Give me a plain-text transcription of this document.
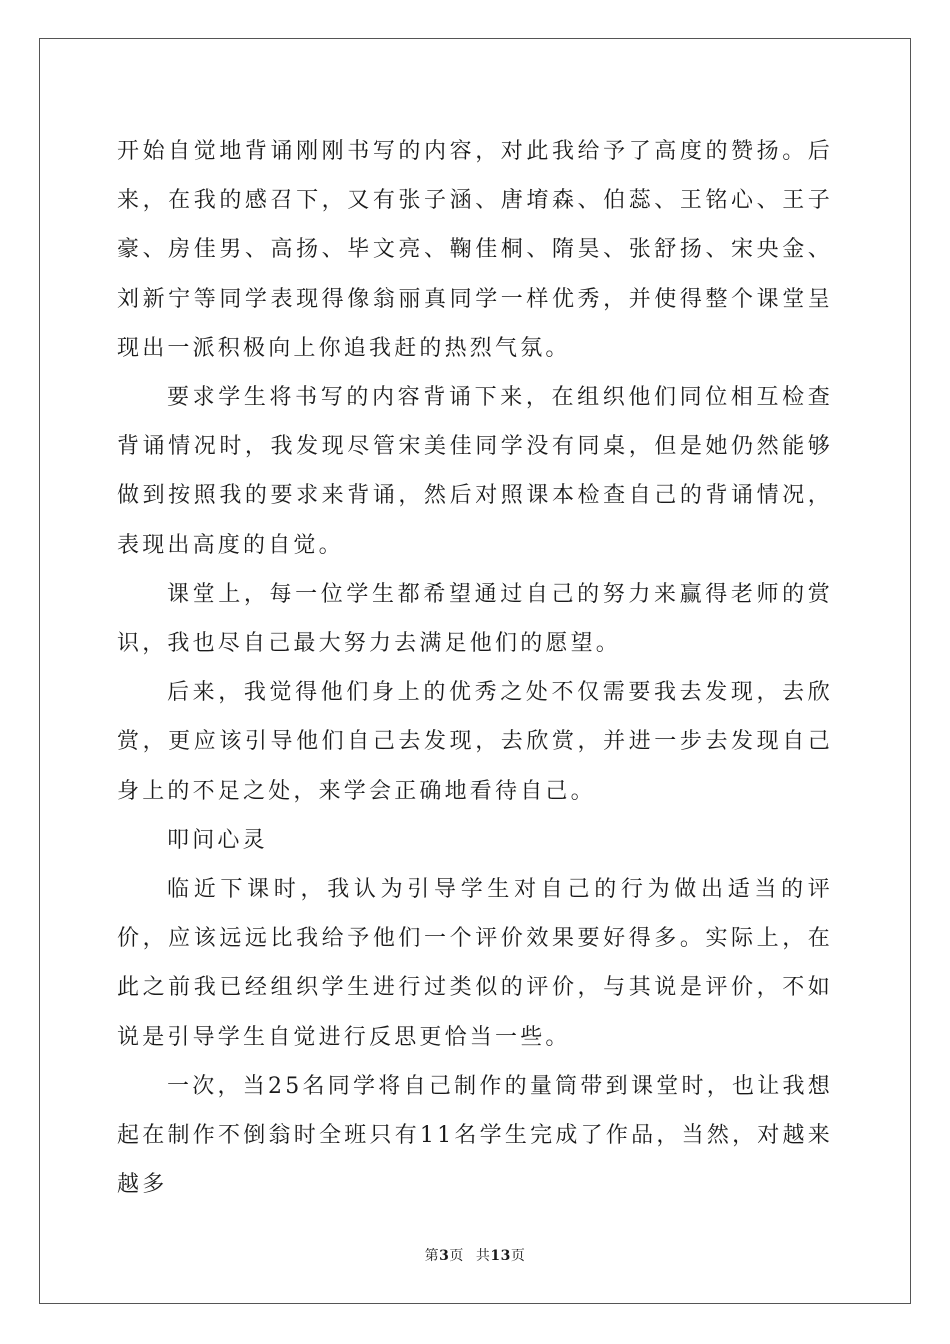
开始自觉地背诵刚刚书写的内容，对此我给予了高度的赞扬。后来，在我的感召下，又有张子涵、唐堉森、伯蕊、王铭心、王子豪、房佳男、高扬、毕文亮、鞠佳桐、隋昊、张舒扬、宋央金、刘新宁等同学表现得像翁丽真同学一样优秀，并使得整个课堂呈现出一派积极向上你追我赶的热烈气氛。

要求学生将书写的内容背诵下来，在组织他们同位相互检查背诵情况时，我发现尽管宋美佳同学没有同桌，但是她仍然能够做到按照我的要求来背诵，然后对照课本检查自己的背诵情况，表现出高度的自觉。

课堂上，每一位学生都希望通过自己的努力来赢得老师的赏识，我也尽自己最大努力去满足他们的愿望。

后来，我觉得他们身上的优秀之处不仅需要我去发现，去欣赏，更应该引导他们自己去发现，去欣赏，并进一步去发现自己身上的不足之处，来学会正确地看待自己。

叩问心灵

临近下课时，我认为引导学生对自己的行为做出适当的评价，应该远远比我给予他们一个评价效果要好得多。实际上，在此之前我已经组织学生进行过类似的评价，与其说是评价，不如说是引导学生自觉进行反思更恰当一些。

一次，当25名同学将自己制作的量筒带到课堂时，也让我想起在制作不倒翁时全班只有11名学生完成了作品，当然，对越来越多

第3页 共13页
